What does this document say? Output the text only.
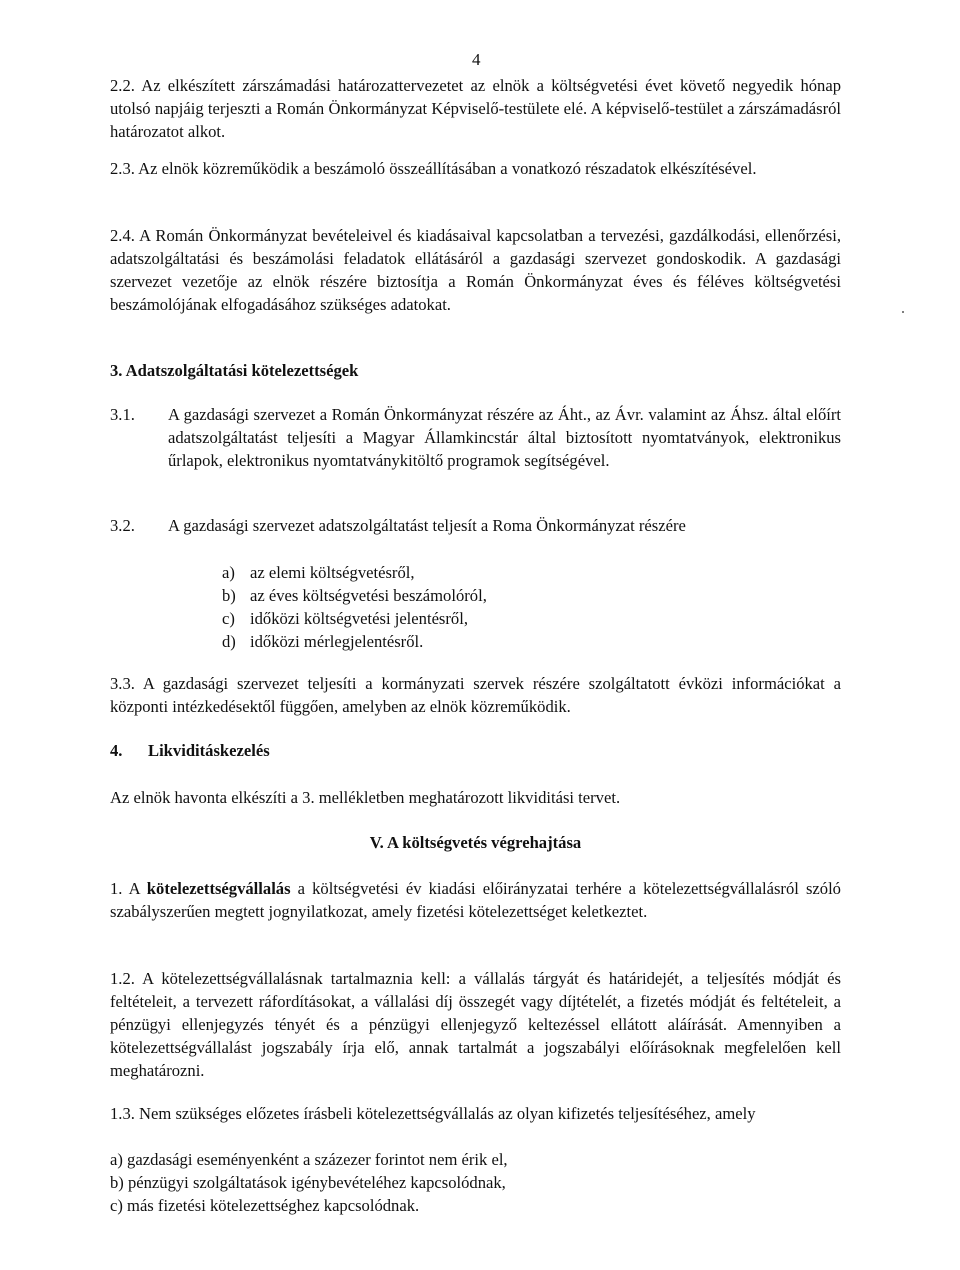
4

2.2. Az elkészített zárszámadási határozattervezetet az elnök a költségvetési évet követő negyedik hónap utolsó napjáig terjeszti a Román Önkormányzat Képviselő-testülete elé. A képviselő-testület a zárszámadásról határozatot alkot.

2.3. Az elnök közreműködik a beszámoló összeállításában a vonatkozó részadatok elkészítésével.

2.4. A Román Önkormányzat bevételeivel és kiadásaival kapcsolatban a tervezési, gazdálkodási, ellenőrzési, adatszolgáltatási és beszámolási feladatok ellátásáról a gazdasági szervezet gondoskodik. A gazdasági szervezet vezetője az elnök részére biztosítja a Román Önkormányzat éves és féléves költségvetési beszámolójának elfogadásához szükséges adatokat.

3. Adatszolgáltatási kötelezettségek

3.1. A gazdasági szervezet a Román Önkormányzat részére az Áht., az Ávr. valamint az Áhsz. által előírt adatszolgáltatást teljesíti a Magyar Államkincstár által biztosított nyomtatványok, elektronikus űrlapok, elektronikus nyomtatványkitöltő programok segítségével.
3.2. A gazdasági szervezet adatszolgáltatást teljesít a Roma Önkormányzat részére
a) az elemi költségvetésről,
b) az éves költségvetési beszámolóról,
c) időközi költségvetési jelentésről,
d) időközi mérlegjelentésről.

3.3. A gazdasági szervezet teljesíti a kormányzati szervek részére szolgáltatott évközi információkat a központi intézkedésektől függően, amelyben az elnök közreműködik.

4. Likviditáskezelés

Az elnök havonta elkészíti a 3. mellékletben meghatározott likviditási tervet.

V. A költségvetés végrehajtása

1. A kötelezettségvállalás a költségvetési év kiadási előirányzatai terhére a kötelezettségvállalásról szóló szabályszerűen megtett jognyilatkozat, amely fizetési kötelezettséget keletkeztet.

1.2. A kötelezettségvállalásnak tartalmaznia kell: a vállalás tárgyát és határidejét, a teljesítés módját és feltételeit, a tervezett ráfordításokat, a vállalási díj összegét vagy díjtételét, a fizetés módját és feltételeit, a pénzügyi ellenjegyzés tényét és a pénzügyi ellenjegyző keltezéssel ellátott aláírását. Amennyiben a kötelezettségvállalást jogszabály írja elő, annak tartalmát a jogszabályi előírásoknak megfelelően kell meghatározni.

1.3. Nem szükséges előzetes írásbeli kötelezettségvállalás az olyan kifizetés teljesítéséhez, amely

a) gazdasági eseményenként a százezer forintot nem érik el,

b) pénzügyi szolgáltatások igénybevételéhez kapcsolódnak,

c) más fizetési kötelezettséghez kapcsolódnak.
